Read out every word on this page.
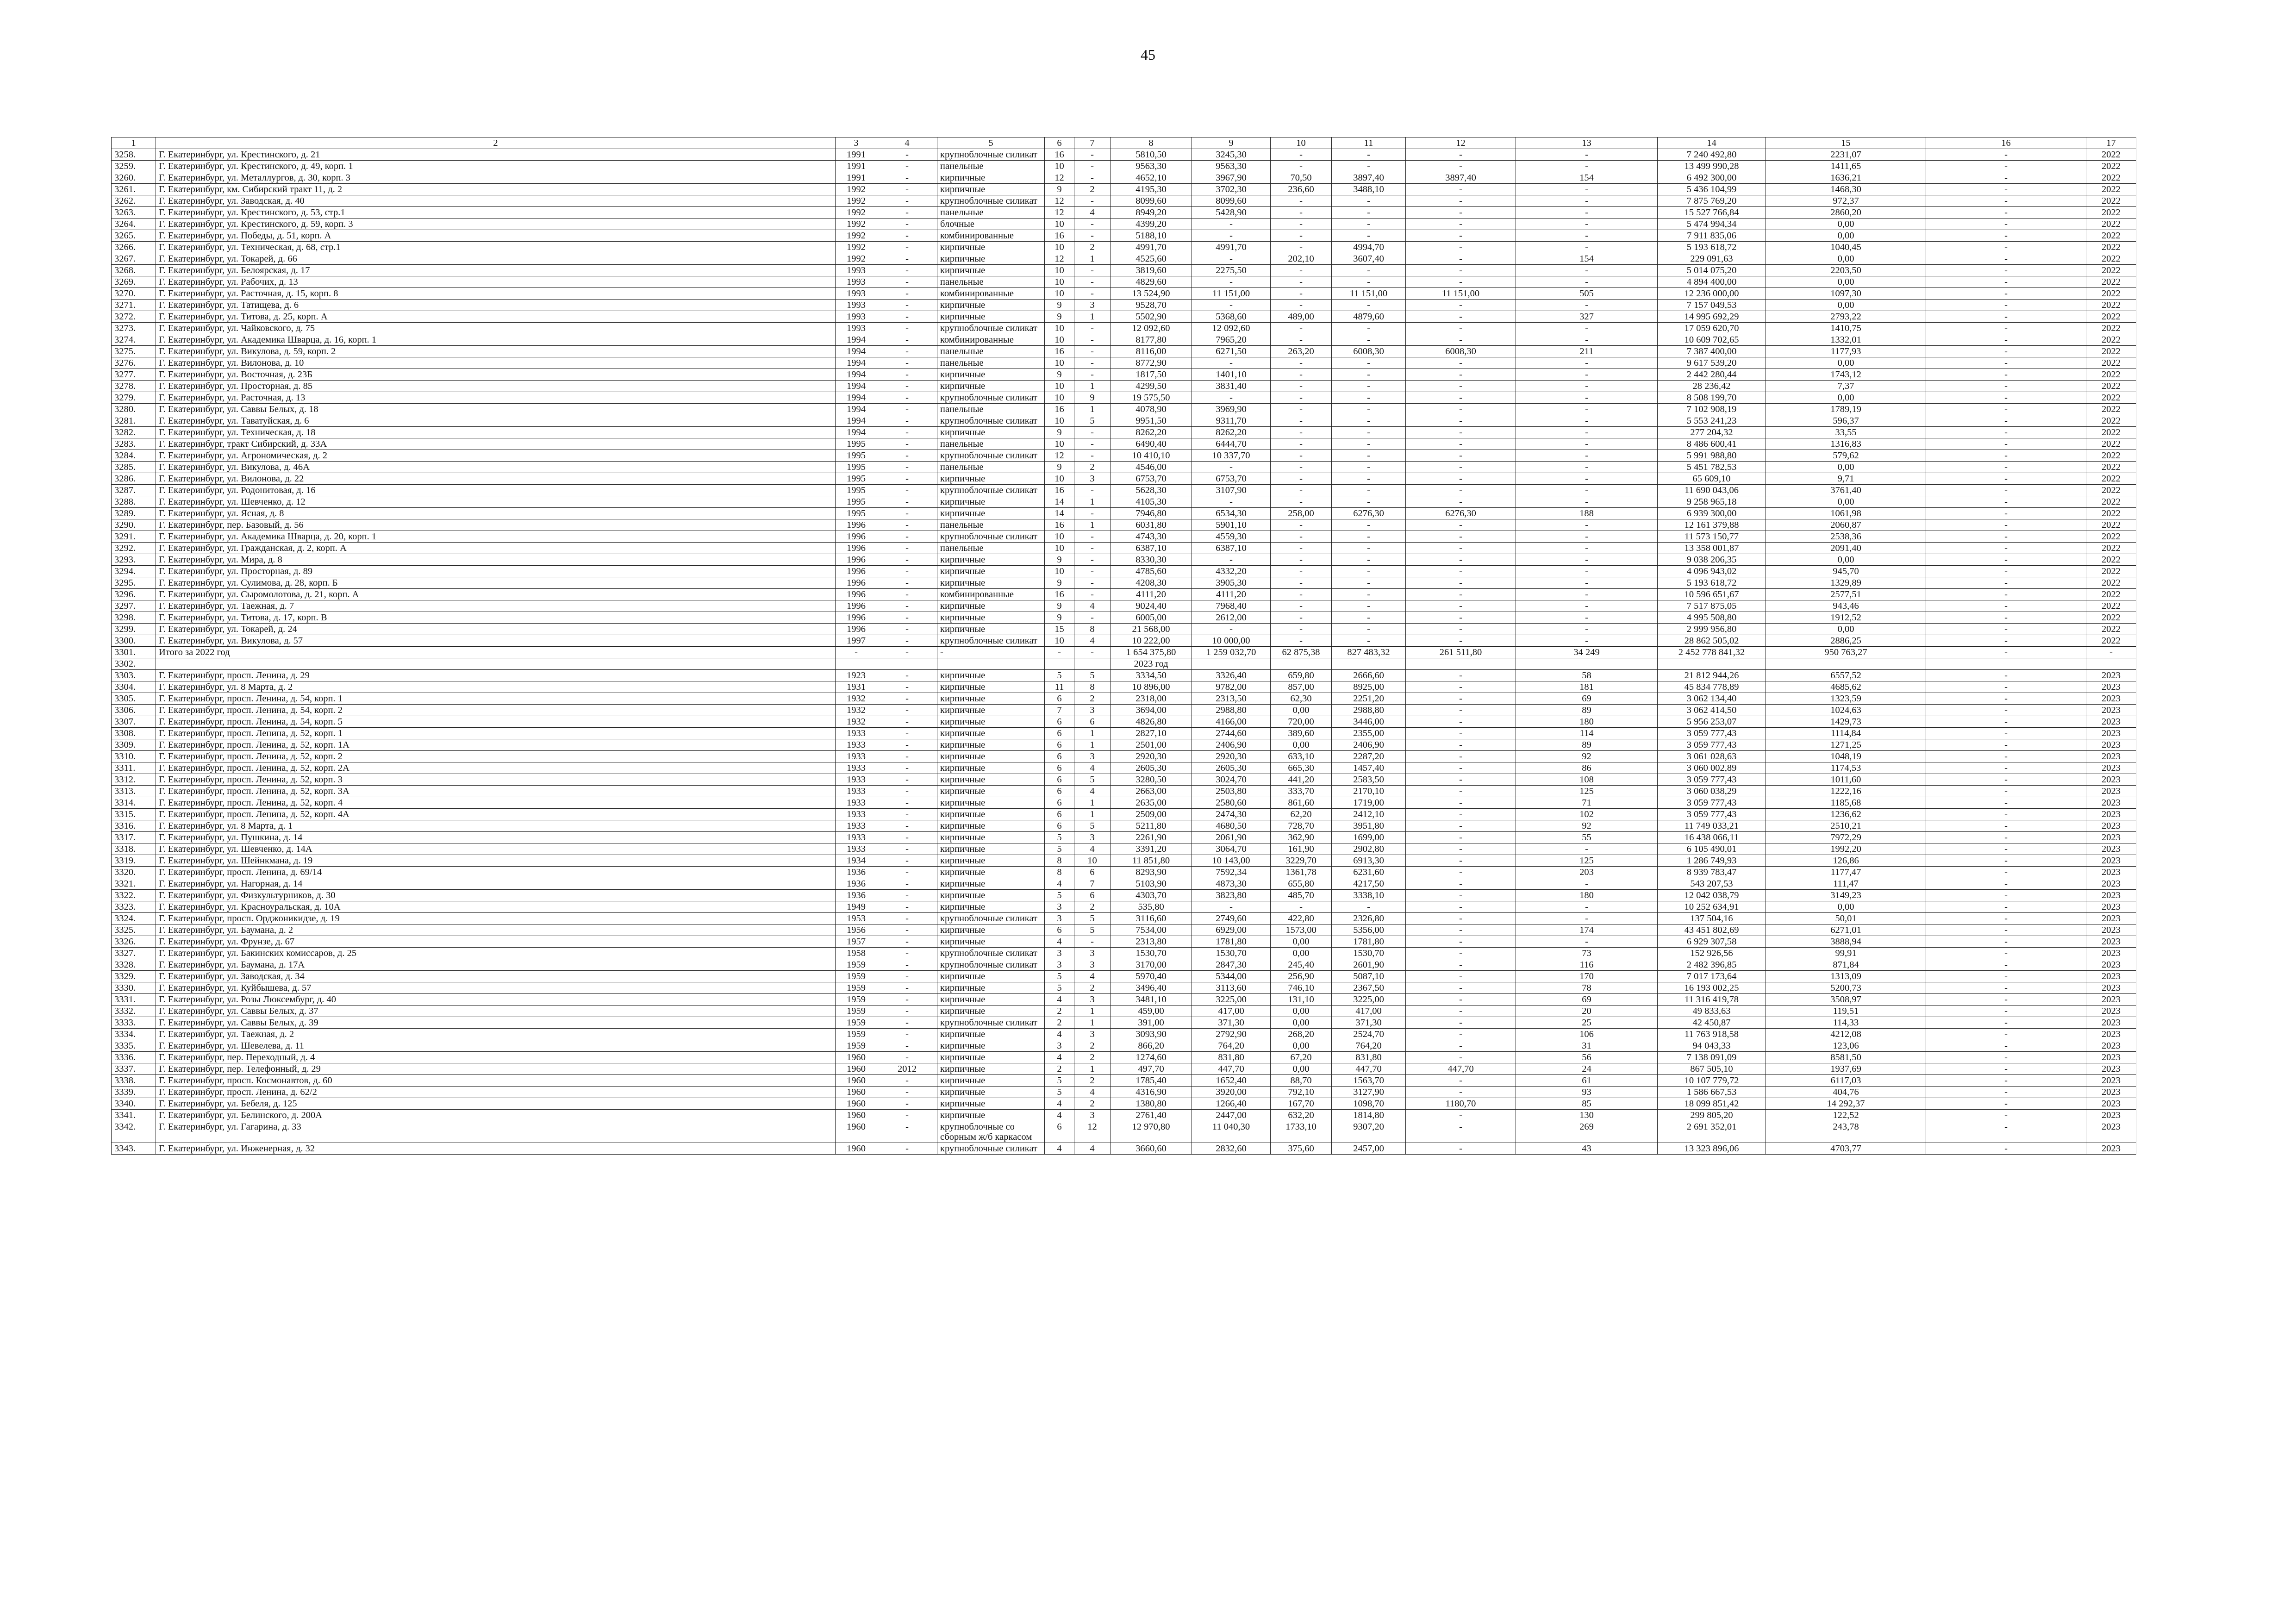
45
1	2	3	4	5	6	7	8	9	10	11	12	13	14	15	16	17
3258.	Г. Екатеринбург, ул. Крестинского, д. 21	1991	-	крупноблочные силикат	16	-	5810,50	3245,30	-	-	-	-	7 240 492,80	2231,07	-	2022
3259.	Г. Екатеринбург, ул. Крестинского, д. 49, корп. 1	1991	-	панельные	10	-	9563,30	9563,30	-	-	-	-	13 499 990,28	1411,65	-	2022
3260.	Г. Екатеринбург, ул. Металлургов, д. 30, корп. 3	1991	-	кирпичные	12	-	4652,10	3967,90	70,50	3897,40	3897,40	154	6 492 300,00	1636,21	-	2022
3261.	Г. Екатеринбург, км. Сибирский тракт 11, д. 2	1992	-	кирпичные	9	2	4195,30	3702,30	236,60	3488,10	-	-	5 436 104,99	1468,30	-	2022
3262.	Г. Екатеринбург, ул. Заводская, д. 40	1992	-	крупноблочные силикат	12	-	8099,60	8099,60	-	-	-	-	7 875 769,20	972,37	-	2022
3263.	Г. Екатеринбург, ул. Крестинского, д. 53, стр.1	1992	-	панельные	12	4	8949,20	5428,90	-	-	-	-	15 527 766,84	2860,20	-	2022
3264.	Г. Екатеринбург, ул. Крестинского, д. 59, корп. 3	1992	-	блочные	10	-	4399,20	-	-	-	-	-	5 474 994,34	0,00	-	2022
3265.	Г. Екатеринбург, ул. Победы, д. 51, корп. А	1992	-	комбинированные	16	-	5188,10	-	-	-	-	-	7 911 835,06	0,00	-	2022
3266.	Г. Екатеринбург, ул. Техническая, д. 68, стр.1	1992	-	кирпичные	10	2	4991,70	4991,70	-	4994,70	-	-	5 193 618,72	1040,45	-	2022
3267.	Г. Екатеринбург, ул. Токарей, д. 66	1992	-	кирпичные	12	1	4525,60	-	202,10	3607,40	-	154	229 091,63	0,00	-	2022
3268.	Г. Екатеринбург, ул. Белоярская, д. 17	1993	-	кирпичные	10	-	3819,60	2275,50	-	-	-	-	5 014 075,20	2203,50	-	2022
3269.	Г. Екатеринбург, ул. Рабочих, д. 13	1993	-	панельные	10	-	4829,60	-	-	-	-	-	4 894 400,00	0,00	-	2022
3270.	Г. Екатеринбург, ул. Расточная, д. 15, корп. 8	1993	-	комбинированные	10	-	13 524,90	11 151,00	-	11 151,00	11 151,00	505	12 236 000,00	1097,30	-	2022
3271.	Г. Екатеринбург, ул. Татищева, д. 6	1993	-	кирпичные	9	3	9528,70	-	-	-	-	-	7 157 049,53	0,00	-	2022
3272.	Г. Екатеринбург, ул. Титова, д. 25, корп. А	1993	-	кирпичные	9	1	5502,90	5368,60	489,00	4879,60	-	327	14 995 692,29	2793,22	-	2022
3273.	Г. Екатеринбург, ул. Чайковского, д. 75	1993	-	крупноблочные силикат	10	-	12 092,60	12 092,60	-	-	-	-	17 059 620,70	1410,75	-	2022
3274.	Г. Екатеринбург, ул. Академика Шварца, д. 16, корп. 1	1994	-	комбинированные	10	-	8177,80	7965,20	-	-	-	-	10 609 702,65	1332,01	-	2022
3275.	Г. Екатеринбург, ул. Викулова, д. 59, корп. 2	1994	-	панельные	16	-	8116,00	6271,50	263,20	6008,30	6008,30	211	7 387 400,00	1177,93	-	2022
3276.	Г. Екатеринбург, ул. Вилонова, д. 10	1994	-	панельные	10	-	8772,90	-	-	-	-	-	9 617 539,20	0,00	-	2022
3277.	Г. Екатеринбург, ул. Восточная, д. 23Б	1994	-	кирпичные	9	-	1817,50	1401,10	-	-	-	-	2 442 280,44	1743,12	-	2022
3278.	Г. Екатеринбург, ул. Просторная, д. 85	1994	-	кирпичные	10	1	4299,50	3831,40	-	-	-	-	28 236,42	7,37	-	2022
3279.	Г. Екатеринбург, ул. Расточная, д. 13	1994	-	крупноблочные силикат	10	9	19 575,50	-	-	-	-	-	8 508 199,70	0,00	-	2022
3280.	Г. Екатеринбург, ул. Саввы Белых, д. 18	1994	-	панельные	16	1	4078,90	3969,90	-	-	-	-	7 102 908,19	1789,19	-	2022
3281.	Г. Екатеринбург, ул. Таватуйская, д. 6	1994	-	крупноблочные силикат	10	5	9951,50	9311,70	-	-	-	-	5 553 241,23	596,37	-	2022
3282.	Г. Екатеринбург, ул. Техническая, д. 18	1994	-	кирпичные	9	-	8262,20	8262,20	-	-	-	-	277 204,32	33,55	-	2022
3283.	Г. Екатеринбург, тракт Сибирский, д. 33А	1995	-	панельные	10	-	6490,40	6444,70	-	-	-	-	8 486 600,41	1316,83	-	2022
3284.	Г. Екатеринбург, ул. Агрономическая, д. 2	1995	-	крупноблочные силикат	12	-	10 410,10	10 337,70	-	-	-	-	5 991 988,80	579,62	-	2022
3285.	Г. Екатеринбург, ул. Викулова, д. 46А	1995	-	панельные	9	2	4546,00	-	-	-	-	-	5 451 782,53	0,00	-	2022
3286.	Г. Екатеринбург, ул. Вилонова, д. 22	1995	-	кирпичные	10	3	6753,70	6753,70	-	-	-	-	65 609,10	9,71	-	2022
3287.	Г. Екатеринбург, ул. Родонитовая, д. 16	1995	-	крупноблочные силикат	16	-	5628,30	3107,90	-	-	-	-	11 690 043,06	3761,40	-	2022
3288.	Г. Екатеринбург, ул. Шевченко, д. 12	1995	-	кирпичные	14	1	4105,30	-	-	-	-	-	9 258 965,18	0,00	-	2022
3289.	Г. Екатеринбург, ул. Ясная, д. 8	1995	-	кирпичные	14	-	7946,80	6534,30	258,00	6276,30	6276,30	188	6 939 300,00	1061,98	-	2022
3290.	Г. Екатеринбург, пер. Базовый, д. 56	1996	-	панельные	16	1	6031,80	5901,10	-	-	-	-	12 161 379,88	2060,87	-	2022
3291.	Г. Екатеринбург, ул. Академика Шварца, д. 20, корп. 1	1996	-	крупноблочные силикат	10	-	4743,30	4559,30	-	-	-	-	11 573 150,77	2538,36	-	2022
3292.	Г. Екатеринбург, ул. Гражданская, д. 2, корп. А	1996	-	панельные	10	-	6387,10	6387,10	-	-	-	-	13 358 001,87	2091,40	-	2022
3293.	Г. Екатеринбург, ул. Мира, д. 8	1996	-	кирпичные	9	-	8330,30	-	-	-	-	-	9 038 206,35	0,00	-	2022
3294.	Г. Екатеринбург, ул. Просторная, д. 89	1996	-	кирпичные	10	-	4785,60	4332,20	-	-	-	-	4 096 943,02	945,70	-	2022
3295.	Г. Екатеринбург, ул. Сулимова, д. 28, корп. Б	1996	-	кирпичные	9	-	4208,30	3905,30	-	-	-	-	5 193 618,72	1329,89	-	2022
3296.	Г. Екатеринбург, ул. Сыромолотова, д. 21, корп. А	1996	-	комбинированные	16	-	4111,20	4111,20	-	-	-	-	10 596 651,67	2577,51	-	2022
3297.	Г. Екатеринбург, ул. Таежная, д. 7	1996	-	кирпичные	9	4	9024,40	7968,40	-	-	-	-	7 517 875,05	943,46	-	2022
3298.	Г. Екатеринбург, ул. Титова, д. 17, корп. В	1996	-	кирпичные	9	-	6005,00	2612,00	-	-	-	-	4 995 508,80	1912,52	-	2022
3299.	Г. Екатеринбург, ул. Токарей, д. 24	1996	-	кирпичные	15	8	21 568,00	-	-	-	-	-	2 999 956,80	0,00	-	2022
3300.	Г. Екатеринбург, ул. Викулова, д. 57	1997	-	крупноблочные силикат	10	4	10 222,00	10 000,00	-	-	-	-	28 862 505,02	2886,25	-	2022
3301.	Итого за 2022 год	-	-	-	-	-	1 654 375,80	1 259 032,70	62 875,38	827 483,32	261 511,80	34 249	2 452 778 841,32	950 763,27	-	-
3302.							2023 год									
3303.	Г. Екатеринбург, просп. Ленина, д. 29	1923	-	кирпичные	5	5	3334,50	3326,40	659,80	2666,60	-	58	21 812 944,26	6557,52	-	2023
3304.	Г. Екатеринбург, ул. 8 Марта, д. 2	1931	-	кирпичные	11	8	10 896,00	9782,00	857,00	8925,00	-	181	45 834 778,89	4685,62	-	2023
3305.	Г. Екатеринбург, просп. Ленина, д. 54, корп. 1	1932	-	кирпичные	6	2	2318,00	2313,50	62,30	2251,20	-	69	3 062 134,40	1323,59	-	2023
3306.	Г. Екатеринбург, просп. Ленина, д. 54, корп. 2	1932	-	кирпичные	7	3	3694,00	2988,80	0,00	2988,80	-	89	3 062 414,50	1024,63	-	2023
3307.	Г. Екатеринбург, просп. Ленина, д. 54, корп. 5	1932	-	кирпичные	6	6	4826,80	4166,00	720,00	3446,00	-	180	5 956 253,07	1429,73	-	2023
3308.	Г. Екатеринбург, просп. Ленина, д. 52, корп. 1	1933	-	кирпичные	6	1	2827,10	2744,60	389,60	2355,00	-	114	3 059 777,43	1114,84	-	2023
3309.	Г. Екатеринбург, просп. Ленина, д. 52, корп. 1А	1933	-	кирпичные	6	1	2501,00	2406,90	0,00	2406,90	-	89	3 059 777,43	1271,25	-	2023
3310.	Г. Екатеринбург, просп. Ленина, д. 52, корп. 2	1933	-	кирпичные	6	3	2920,30	2920,30	633,10	2287,20	-	92	3 061 028,63	1048,19	-	2023
3311.	Г. Екатеринбург, просп. Ленина, д. 52, корп. 2А	1933	-	кирпичные	6	4	2605,30	2605,30	665,30	1457,40	-	86	3 060 002,89	1174,53	-	2023
3312.	Г. Екатеринбург, просп. Ленина, д. 52, корп. 3	1933	-	кирпичные	6	5	3280,50	3024,70	441,20	2583,50	-	108	3 059 777,43	1011,60	-	2023
3313.	Г. Екатеринбург, просп. Ленина, д. 52, корп. 3А	1933	-	кирпичные	6	4	2663,00	2503,80	333,70	2170,10	-	125	3 060 038,29	1222,16	-	2023
3314.	Г. Екатеринбург, просп. Ленина, д. 52, корп. 4	1933	-	кирпичные	6	1	2635,00	2580,60	861,60	1719,00	-	71	3 059 777,43	1185,68	-	2023
3315.	Г. Екатеринбург, просп. Ленина, д. 52, корп. 4А	1933	-	кирпичные	6	1	2509,00	2474,30	62,20	2412,10	-	102	3 059 777,43	1236,62	-	2023
3316.	Г. Екатеринбург, ул. 8 Марта, д. 1	1933	-	кирпичные	6	5	5211,80	4680,50	728,70	3951,80	-	92	11 749 033,21	2510,21	-	2023
3317.	Г. Екатеринбург, ул. Пушкина, д. 14	1933	-	кирпичные	5	3	2261,90	2061,90	362,90	1699,00	-	55	16 438 066,11	7972,29	-	2023
3318.	Г. Екатеринбург, ул. Шевченко, д. 14А	1933	-	кирпичные	5	4	3391,20	3064,70	161,90	2902,80	-	-	6 105 490,01	1992,20	-	2023
3319.	Г. Екатеринбург, ул. Шейнкмана, д. 19	1934	-	кирпичные	8	10	11 851,80	10 143,00	3229,70	6913,30	-	125	1 286 749,93	126,86	-	2023
3320.	Г. Екатеринбург, просп. Ленина, д. 69/14	1936	-	кирпичные	8	6	8293,90	7592,34	1361,78	6231,60	-	203	8 939 783,47	1177,47	-	2023
3321.	Г. Екатеринбург, ул. Нагорная, д. 14	1936	-	кирпичные	4	7	5103,90	4873,30	655,80	4217,50	-	-	543 207,53	111,47	-	2023
3322.	Г. Екатеринбург, ул. Физкультурников, д. 30	1936	-	кирпичные	5	6	4303,70	3823,80	485,70	3338,10	-	180	12 042 038,79	3149,23	-	2023
3323.	Г. Екатеринбург, ул. Красноуральская, д. 10А	1949	-	кирпичные	3	2	535,80	-	-	-	-	-	10 252 634,91	0,00	-	2023
3324.	Г. Екатеринбург, просп. Орджоникидзе, д. 19	1953	-	крупноблочные силикат	3	5	3116,60	2749,60	422,80	2326,80	-	-	137 504,16	50,01	-	2023
3325.	Г. Екатеринбург, ул. Баумана, д. 2	1956	-	кирпичные	6	5	7534,00	6929,00	1573,00	5356,00	-	174	43 451 802,69	6271,01	-	2023
3326.	Г. Екатеринбург, ул. Фрунзе, д. 67	1957	-	кирпичные	4	-	2313,80	1781,80	0,00	1781,80	-	-	6 929 307,58	3888,94	-	2023
3327.	Г. Екатеринбург, ул. Бакинских комиссаров, д. 25	1958	-	крупноблочные силикат	3	3	1530,70	1530,70	0,00	1530,70	-	73	152 926,56	99,91	-	2023
3328.	Г. Екатеринбург, ул. Баумана, д. 17А	1959	-	крупноблочные силикат	3	3	3170,00	2847,30	245,40	2601,90	-	116	2 482 396,85	871,84	-	2023
3329.	Г. Екатеринбург, ул. Заводская, д. 34	1959	-	кирпичные	5	4	5970,40	5344,00	256,90	5087,10	-	170	7 017 173,64	1313,09	-	2023
3330.	Г. Екатеринбург, ул. Куйбышева, д. 57	1959	-	кирпичные	5	2	3496,40	3113,60	746,10	2367,50	-	78	16 193 002,25	5200,73	-	2023
3331.	Г. Екатеринбург, ул. Розы Люксембург, д. 40	1959	-	кирпичные	4	3	3481,10	3225,00	131,10	3225,00	-	69	11 316 419,78	3508,97	-	2023
3332.	Г. Екатеринбург, ул. Саввы Белых, д. 37	1959	-	кирпичные	2	1	459,00	417,00	0,00	417,00	-	20	49 833,63	119,51	-	2023
3333.	Г. Екатеринбург, ул. Саввы Белых, д. 39	1959	-	крупноблочные силикат	2	1	391,00	371,30	0,00	371,30	-	25	42 450,87	114,33	-	2023
3334.	Г. Екатеринбург, ул. Таежная, д. 2	1959	-	кирпичные	4	3	3093,90	2792,90	268,20	2524,70	-	106	11 763 918,58	4212,08	-	2023
3335.	Г. Екатеринбург, ул. Шевелева, д. 11	1959	-	кирпичные	3	2	866,20	764,20	0,00	764,20	-	31	94 043,33	123,06	-	2023
3336.	Г. Екатеринбург, пер. Переходный, д. 4	1960	-	кирпичные	4	2	1274,60	831,80	67,20	831,80	-	56	7 138 091,09	8581,50	-	2023
3337.	Г. Екатеринбург, пер. Телефонный, д. 29	1960	2012	кирпичные	2	1	497,70	447,70	0,00	447,70	447,70	24	867 505,10	1937,69	-	2023
3338.	Г. Екатеринбург, просп. Космонавтов, д. 60	1960	-	кирпичные	5	2	1785,40	1652,40	88,70	1563,70	-	61	10 107 779,72	6117,03	-	2023
3339.	Г. Екатеринбург, просп. Ленина, д. 62/2	1960	-	кирпичные	5	4	4316,90	3920,00	792,10	3127,90	-	93	1 586 667,53	404,76	-	2023
3340.	Г. Екатеринбург, ул. Бебеля, д. 125	1960	-	кирпичные	4	2	1380,80	1266,40	167,70	1098,70	1180,70	85	18 099 851,42	14 292,37	-	2023
3341.	Г. Екатеринбург, ул. Белинского, д. 200А	1960	-	кирпичные	4	3	2761,40	2447,00	632,20	1814,80	-	130	299 805,20	122,52	-	2023
3342.	Г. Екатеринбург, ул. Гагарина, д. 33	1960	-	крупноблочные со сборным ж/б каркасом	6	12	12 970,80	11 040,30	1733,10	9307,20	-	269	2 691 352,01	243,78	-	2023
3343.	Г. Екатеринбург, ул. Инженерная, д. 32	1960	-	крупноблочные силикат	4	4	3660,60	2832,60	375,60	2457,00	-	43	13 323 896,06	4703,77	-	2023
